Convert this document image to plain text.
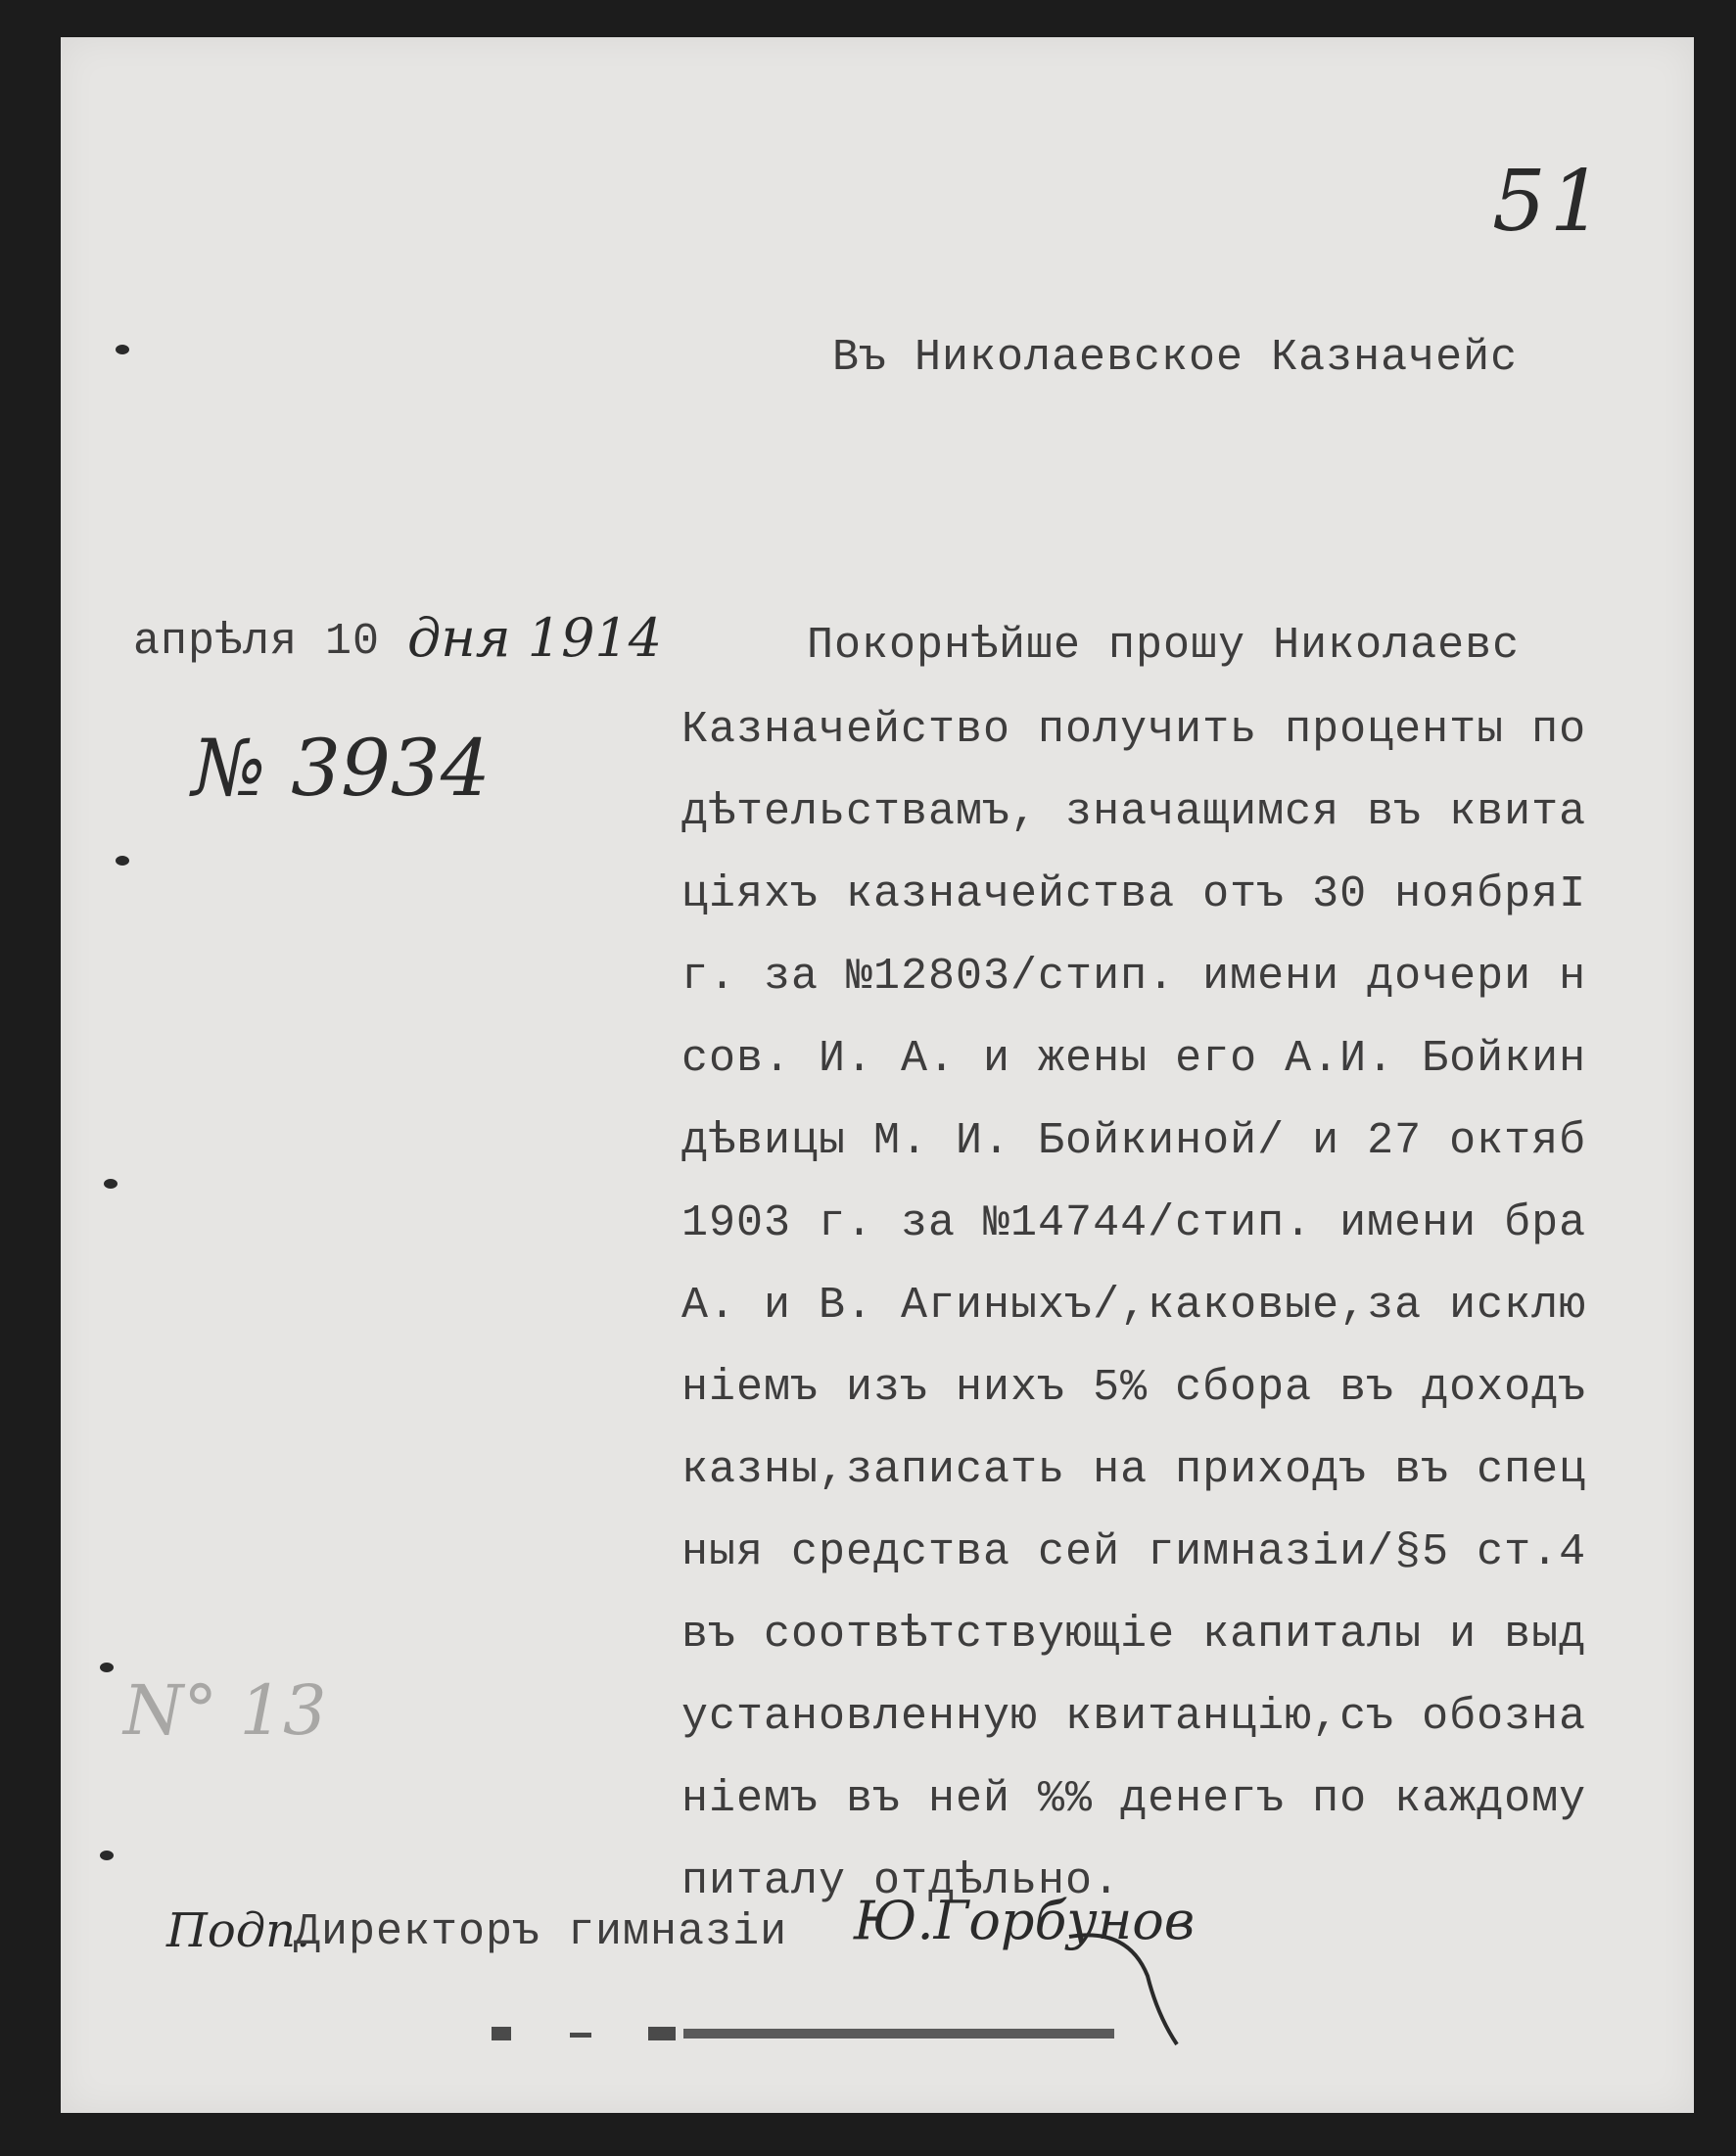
51
Въ Николаевское Казначейс
апрѣля 10 дня 1914
№ 3934
Покорнѣйше прошу Николаевс
Казначейство получить проценты по
дѣтельствамъ, значащимся въ квита
цiяхъ казначейства отъ 30 ноябряI
г. за №12803/стип. имени дочери н
сов. И. А. и жены его А.И. Бойкин
дѣвицы М. И. Бойкиной/ и 27 октяб
1903 г. за №14744/стип. имени бра
А. и В. Агиныхъ/,каковые,за исклю
нiемъ изъ нихъ 5% сбора въ доходъ
казны,записать на приходъ въ спец
ныя средства сей гимназiи/§5 ст.4
въ соотвѣтствующiе капиталы и выд
установленную квитанцiю,съ обозна
нiемъ въ ней %% денегъ по каждому
питалу отдѣльно.
N° 13
Подп.
Директоръ гимназiи Ю.Горбунов
